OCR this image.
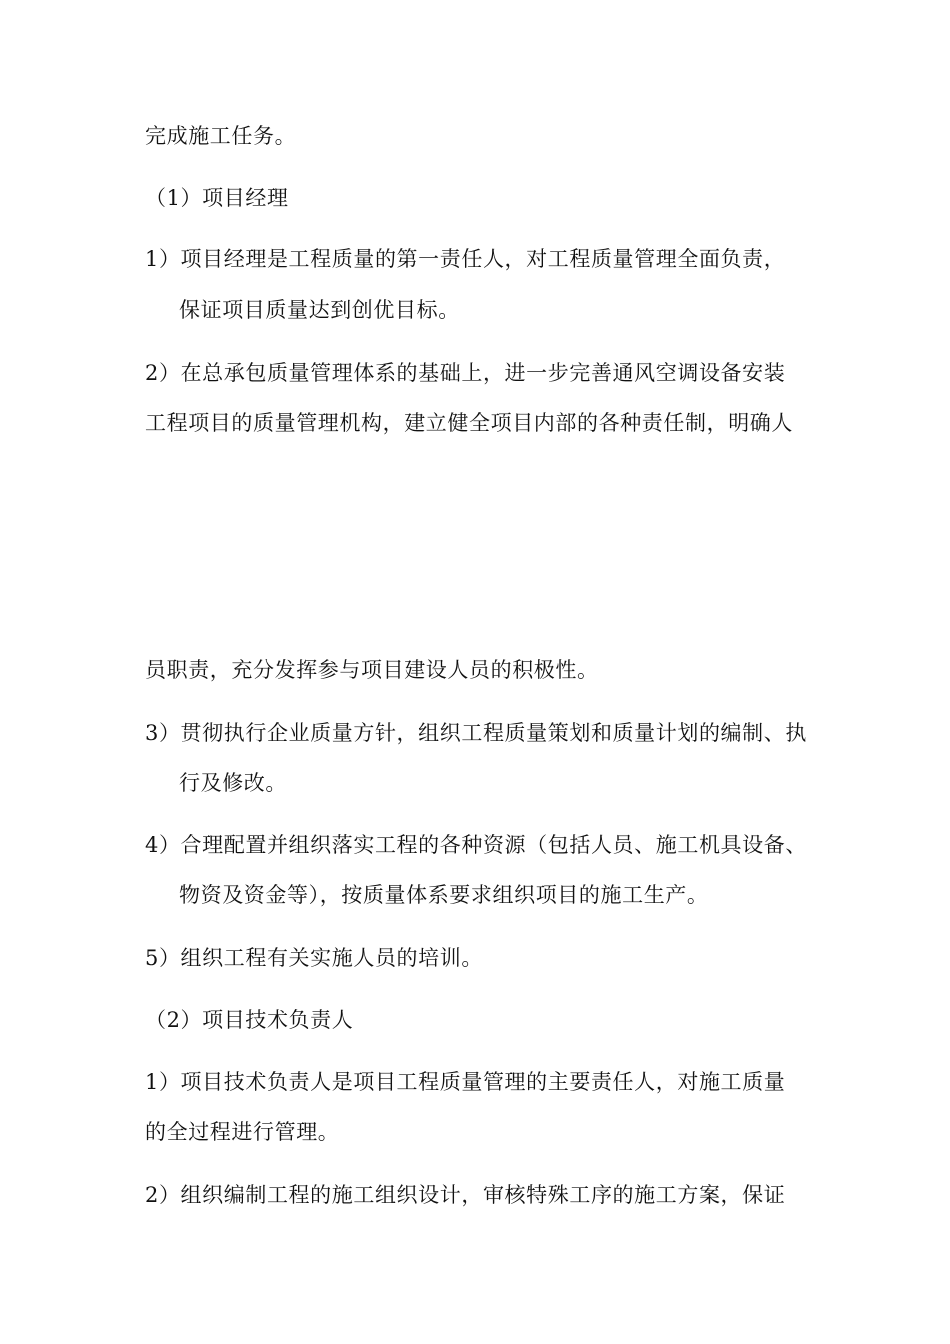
完成施工任务。
（1）项目经理
1）项目经理是工程质量的第一责任人，对工程质量管理全面负责，
保证项目质量达到创优目标。
2）在总承包质量管理体系的基础上，进一步完善通风空调设备安装
工程项目的质量管理机构，建立健全项目内部的各种责任制，明确人
员职责，充分发挥参与项目建设人员的积极性。
3）贯彻执行企业质量方针，组织工程质量策划和质量计划的编制、执
行及修改。
4）合理配置并组织落实工程的各种资源（包括人员、施工机具设备、
物资及资金等），按质量体系要求组织项目的施工生产。
5）组织工程有关实施人员的培训。
（2）项目技术负责人
1）项目技术负责人是项目工程质量管理的主要责任人，对施工质量
的全过程进行管理。
2）组织编制工程的施工组织设计，审核特殊工序的施工方案，保证
